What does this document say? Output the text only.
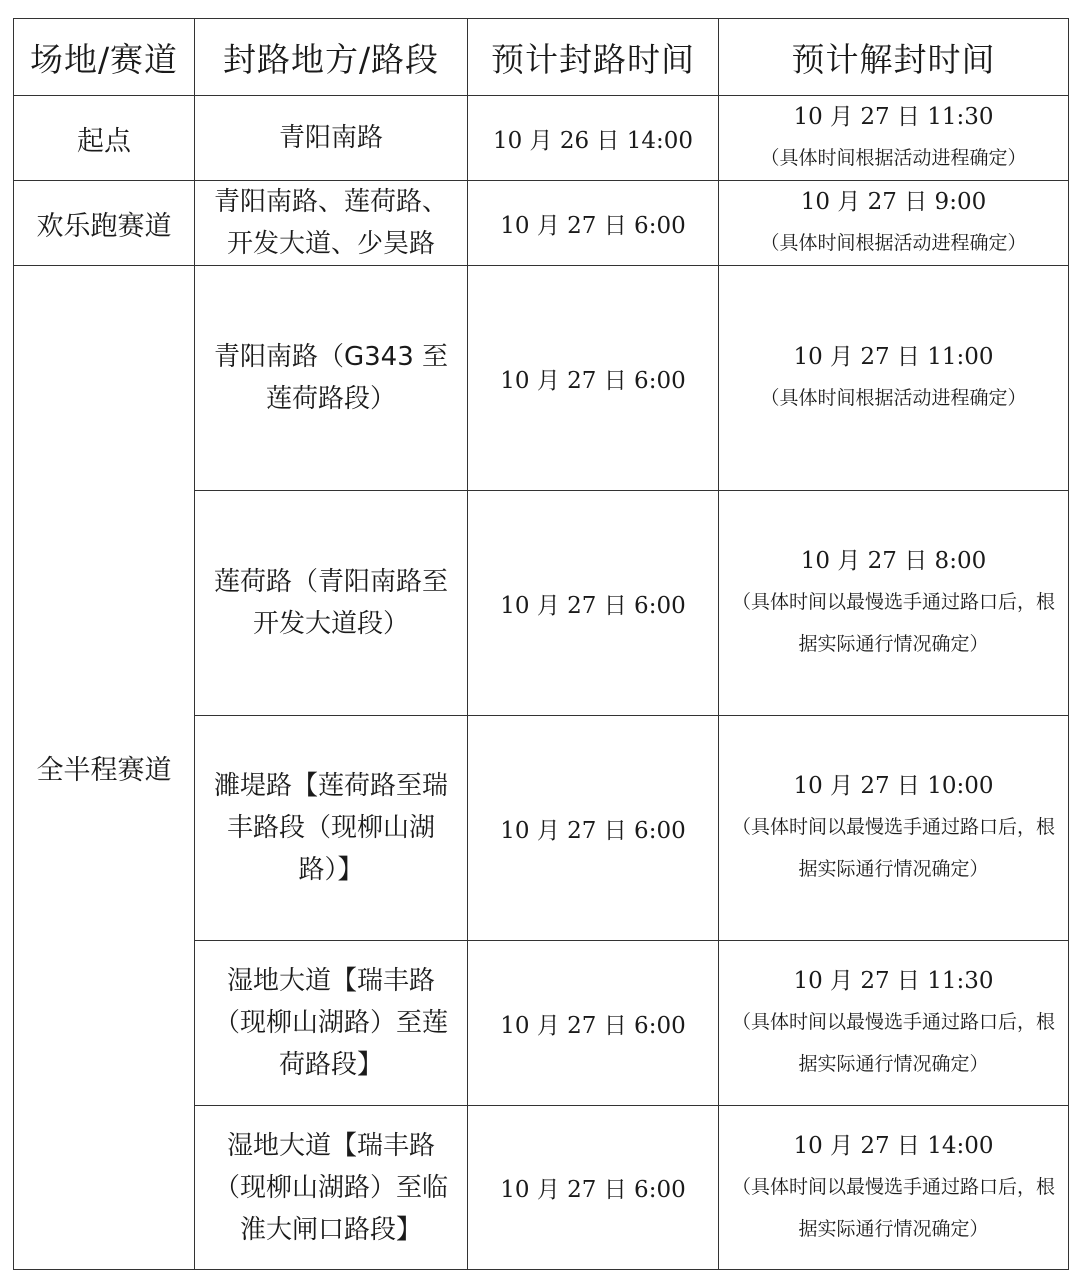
场地/赛道	封路地方/路段	预计封路时间	预计解封时间
起点	青阳南路	10 月 26 日 14:00	10 月 27 日 11:30
（具体时间根据活动进程确定）

欢乐跑赛道	青阳南路、莲荷路、开发大道、少昊路	10 月 27 日 6:00	10 月 27 日 9:00
（具体时间根据活动进程确定）

全半程赛道	青阳南路（G343 至莲荷路段）	10 月 27 日 6:00	10 月 27 日 11:00
（具体时间根据活动进程确定）

	莲荷路（青阳南路至开发大道段）	10 月 27 日 6:00	10 月 27 日 8:00
（具体时间以最慢选手通过路口后，根据实际通行情况确定）

	濉堤路【莲荷路至瑞丰路段（现柳山湖路）】	10 月 27 日 6:00	10 月 27 日 10:00
（具体时间以最慢选手通过路口后，根据实际通行情况确定）

	湿地大道【瑞丰路（现柳山湖路）至莲荷路段】	10 月 27 日 6:00	10 月 27 日 11:30
（具体时间以最慢选手通过路口后，根据实际通行情况确定）

	湿地大道【瑞丰路（现柳山湖路）至临淮大闸口路段】	10 月 27 日 6:00	10 月 27 日 14:00
（具体时间以最慢选手通过路口后，根据实际通行情况确定）
